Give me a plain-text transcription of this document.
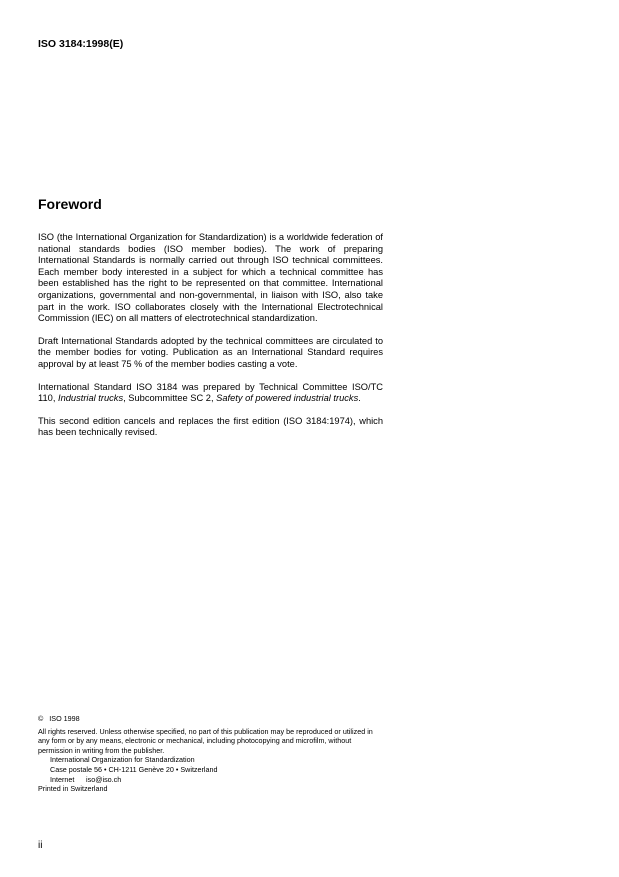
ISO 3184:1998(E)
Foreword

ISO (the International Organization for Standardization) is a worldwide federation of national standards bodies (ISO member bodies). The work of preparing International Standards is normally carried out through ISO technical committees. Each member body interested in a subject for which a technical committee has been established has the right to be represented on that committee. International organizations, governmental and non-governmental, in liaison with ISO, also take part in the work. ISO collaborates closely with the International Electrotechnical Commission (IEC) on all matters of electrotechnical standardization.

Draft International Standards adopted by the technical committees are circulated to the member bodies for voting. Publication as an International Standard requires approval by at least 75 % of the member bodies casting a vote.

International Standard ISO 3184 was prepared by Technical Committee ISO/TC 110, Industrial trucks, Subcommittee SC 2, Safety of powered industrial trucks.

This second edition cancels and replaces the first edition (ISO 3184:1974), which has been technically revised.

© ISO 1998
All rights reserved. Unless otherwise specified, no part of this publication may be reproduced or utilized in any form or by any means, electronic or mechanical, including photocopying and microfilm, without permission in writing from the publisher.
International Organization for Standardization
Case postale 56 • CH-1211 Genève 20 • Switzerland
Internet iso@iso.ch
Printed in Switzerland
ii
